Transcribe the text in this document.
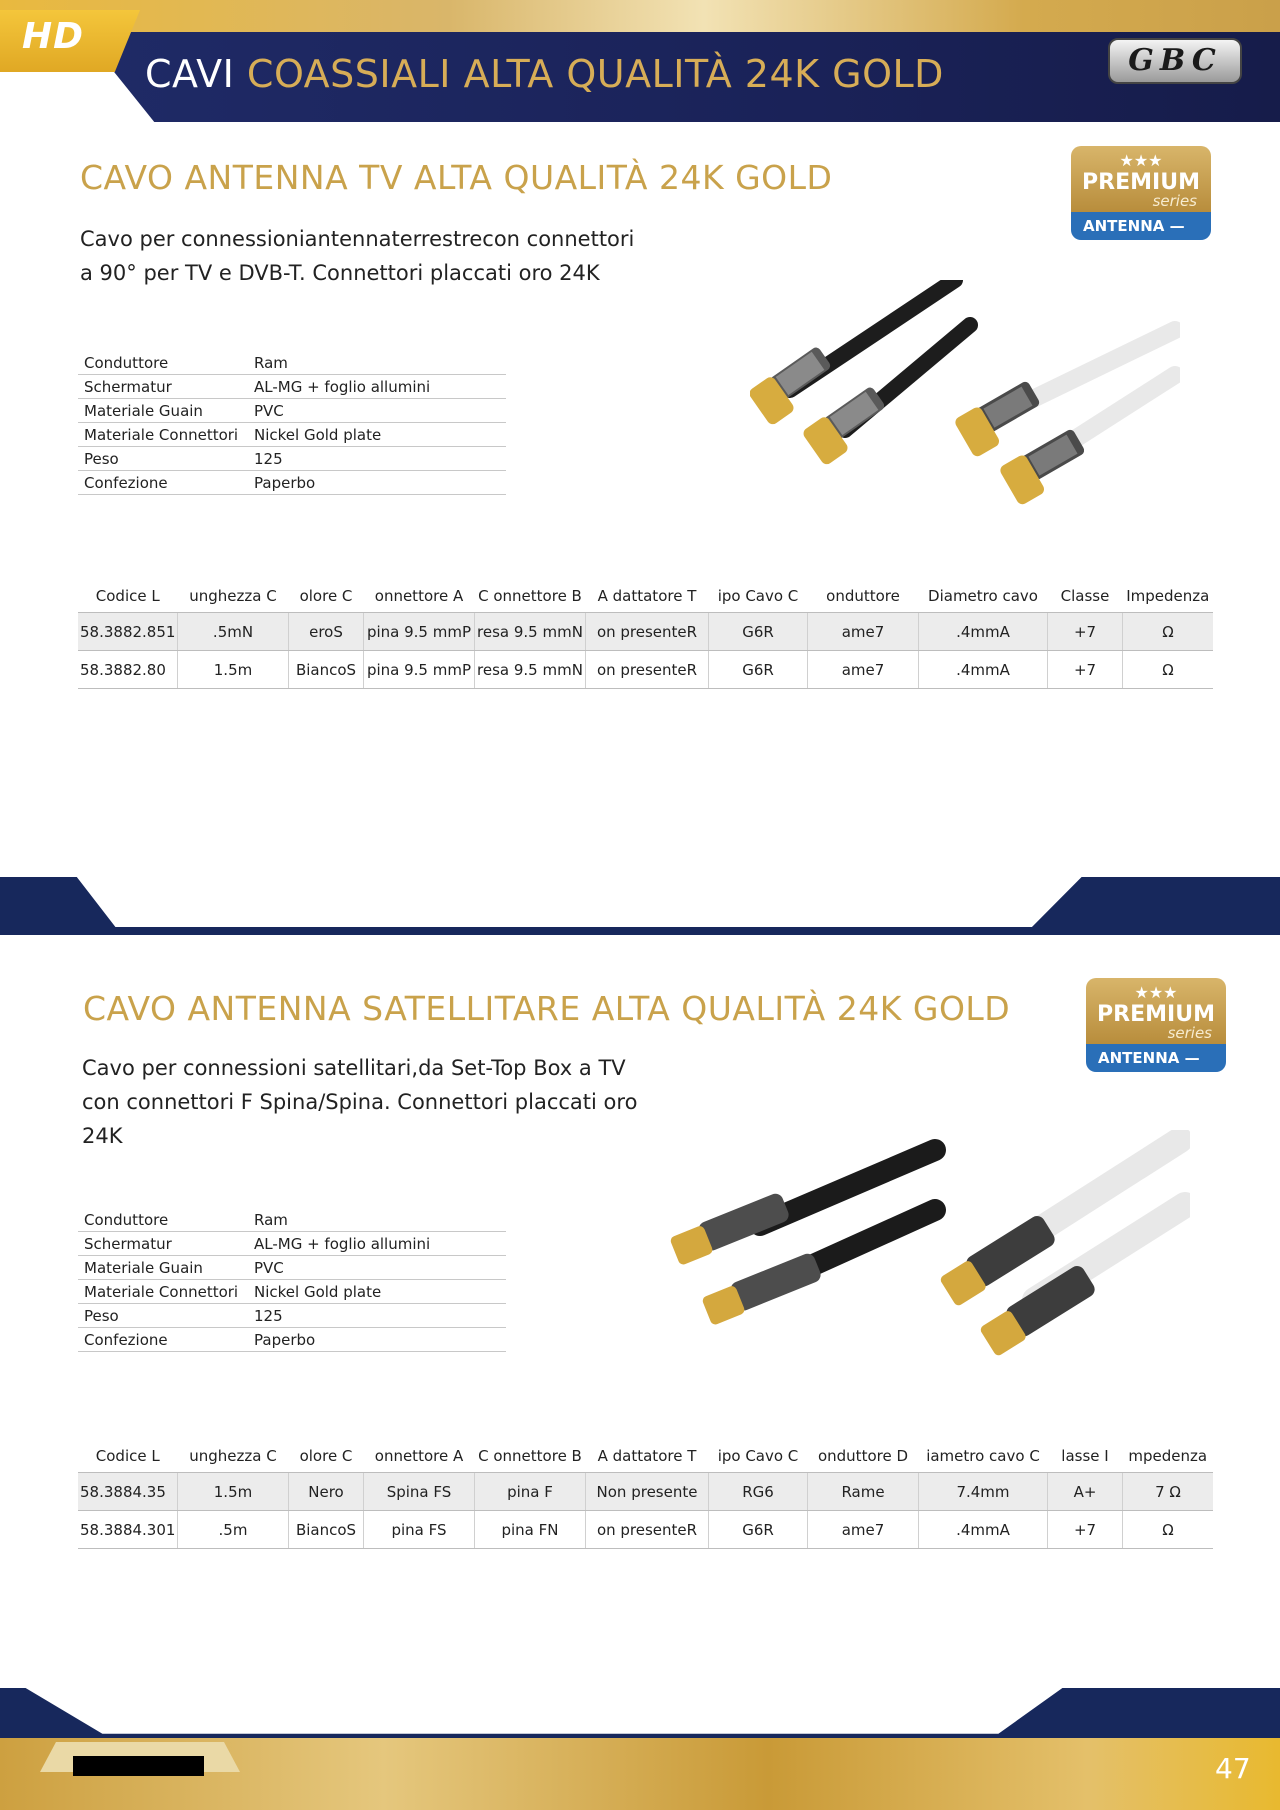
HD
CAVI COASSIALI ALTA QUALITÀ 24K GOLD	GBC
CAVO ANTENNA TV ALTA QUALITÀ 24K GOLD
Cavo per connessioniantennaterrestrecon connettori
a 90° per TV e DVB-T. Connettori placcati oro 24K
★★★
PREMIUM
series
ANTENNA —
Conduttore	Ram
Schermatur	AL-MG + foglio allumini
Materiale Guain	PVC
Materiale Connettori	Nickel Gold plate
Peso	125
Confezione	Paperbo
Codice L	unghezza C	olore C	onnettore A	C onnettore B	A dattatore T	ipo Cavo C	onduttore	Diametro cavo	Classe	Impedenza
58.3882.851	.5mN	eroS	pina 9.5 mmP	resa 9.5 mmN	on presenteR	G6R	ame7	.4mmA	+7	Ω
58.3882.80	1.5m	BiancoS	pina 9.5 mmP	resa 9.5 mmN	on presenteR	G6R	ame7	.4mmA	+7	Ω
CAVO ANTENNA SATELLITARE ALTA QUALITÀ 24K GOLD
Cavo per connessioni satellitari,da Set-Top Box a TV
con connettori F Spina/Spina. Connettori placcati oro
24K
★★★
PREMIUM
series
ANTENNA —
Conduttore	Ram
Schermatur	AL-MG + foglio allumini
Materiale Guain	PVC
Materiale Connettori	Nickel Gold plate
Peso	125
Confezione	Paperbo
Codice L	unghezza C	olore C	onnettore A	C onnettore B	A dattatore T	ipo Cavo C	onduttore D	iametro cavo C	lasse I	mpedenza
58.3884.35	1.5m	Nero	Spina FS	pina F	Non presente	RG6	Rame	7.4mm	A+	7 Ω
58.3884.301	.5m	BiancoS	pina FS	pina FN	on presenteR	G6R	ame7	.4mmA	+7	Ω
47
